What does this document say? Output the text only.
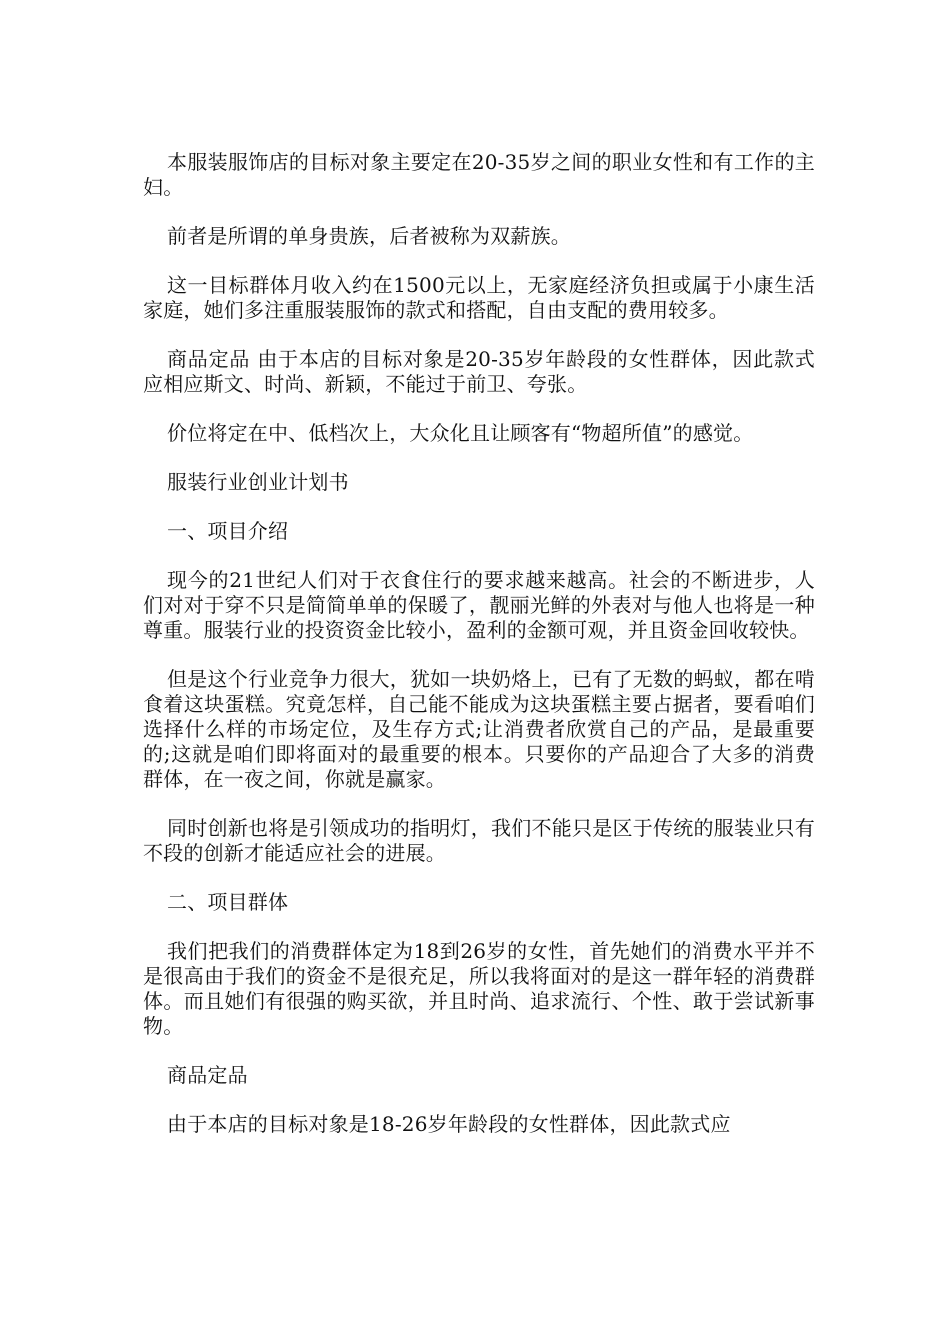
本服装服饰店的目标对象主要定在20-35岁之间的职业女性和有工作的主妇。

前者是所谓的单身贵族，后者被称为双薪族。

这一目标群体月收入约在1500元以上，无家庭经济负担或属于小康生活家庭，她们多注重服装服饰的款式和搭配，自由支配的费用较多。

商品定品 由于本店的目标对象是20-35岁年龄段的女性群体，因此款式应相应斯文、时尚、新颖，不能过于前卫、夸张。

价位将定在中、低档次上，大众化且让顾客有“物超所值”的感觉。

服装行业创业计划书

一、项目介绍

现今的21世纪人们对于衣食住行的要求越来越高。社会的不断进步，人们对对于穿不只是简简单单的保暖了，靓丽光鲜的外表对与他人也将是一种尊重。服装行业的投资资金比较小，盈利的金额可观，并且资金回收较快。

但是这个行业竞争力很大，犹如一块奶烙上，已有了无数的蚂蚁，都在啃食着这块蛋糕。究竟怎样，自己能不能成为这块蛋糕主要占据者，要看咱们选择什么样的市场定位，及生存方式;让消费者欣赏自己的产品，是最重要的;这就是咱们即将面对的最重要的根本。只要你的产品迎合了大多的消费群体，在一夜之间，你就是赢家。

同时创新也将是引领成功的指明灯，我们不能只是区于传统的服装业只有不段的创新才能适应社会的进展。

二、项目群体

我们把我们的消费群体定为18到26岁的女性，首先她们的消费水平并不是很高由于我们的资金不是很充足，所以我将面对的是这一群年轻的消费群体。而且她们有很强的购买欲，并且时尚、追求流行、个性、敢于尝试新事物。

商品定品

由于本店的目标对象是18-26岁年龄段的女性群体，因此款式应
